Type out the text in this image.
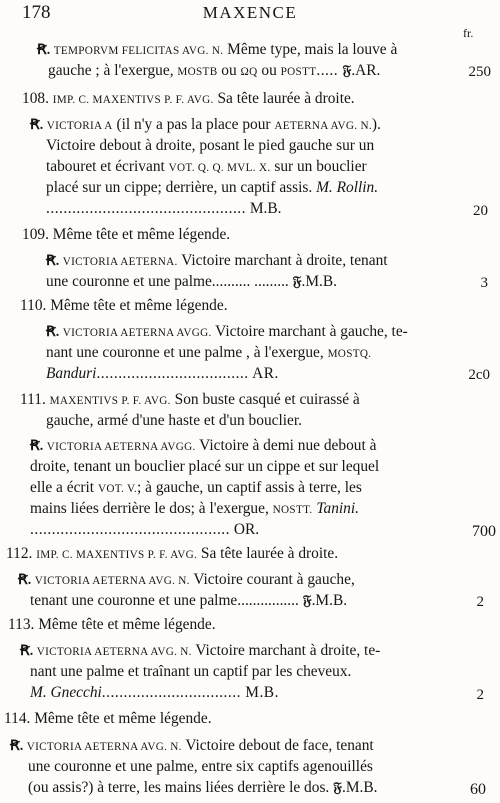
178	MAXENCE
fr.
Ꞧ. TEMPORVM FELICITAS AVG. N. Même type, mais la louve à
gauche ; à l'exergue, MOSTB ou ΩQ ou POSTT..... 𝔉.AR.	250
108. IMP. C. MAXENTIVS P. F. AVG. Sa tête laurée à droite.
Ꞧ. VICTORIA A (il n'y a pas la place pour AETERNA AVG. N.).
Victoire debout à droite, posant le pied gauche sur un
tabouret et écrivant VOT. Q. Q. MVL. X. sur un bouclier
placé sur un cippe; derrière, un captif assis. M. Rollin.
.............................................. M.B.	20
109. Même tête et même légende.
Ꞧ. VICTORIA AETERNA. Victoire marchant à droite, tenant
une couronne et une palme.......... ......... 𝔉.M.B.	3
110. Même tête et même légende.
Ꞧ. VICTORIA AETERNA AVGG. Victoire marchant à gauche, te-
nant une couronne et une palme , à l'exergue, MOSTQ.
Banduri................................... AR.	2c0
111. MAXENTIVS P. F. AVG. Son buste casqué et cuirassé à
gauche, armé d'une haste et d'un bouclier.
Ꞧ. VICTORIA AETERNA AVGG. Victoire à demi nue debout à
droite, tenant un bouclier placé sur un cippe et sur lequel
elle a écrit VOT. V.; à gauche, un captif assis à terre, les
mains liées derrière le dos; à l'exergue, NOSTT. Tanini.
.............................................. OR.	700
112. IMP. C. MAXENTIVS P. F. AVG. Sa tête laurée à droite.
Ꞧ. VICTORIA AETERNA AVG. N. Victoire courant à gauche,
tenant une couronne et une palme................ 𝔉.M.B.	2
113. Même tête et même légende.
Ꞧ. VICTORIA AETERNA AVG. N. Victoire marchant à droite, te-
nant une palme et traînant un captif par les cheveux.
M. Gnecchi................................ M.B.	2
114. Même tête et même légende.
Ꞧ. VICTORIA AETERNA AVG. N. Victoire debout de face, tenant
une couronne et une palme, entre six captifs agenouillés
(ou assis?) à terre, les mains liées derrière le dos. 𝔉.M.B.	60
